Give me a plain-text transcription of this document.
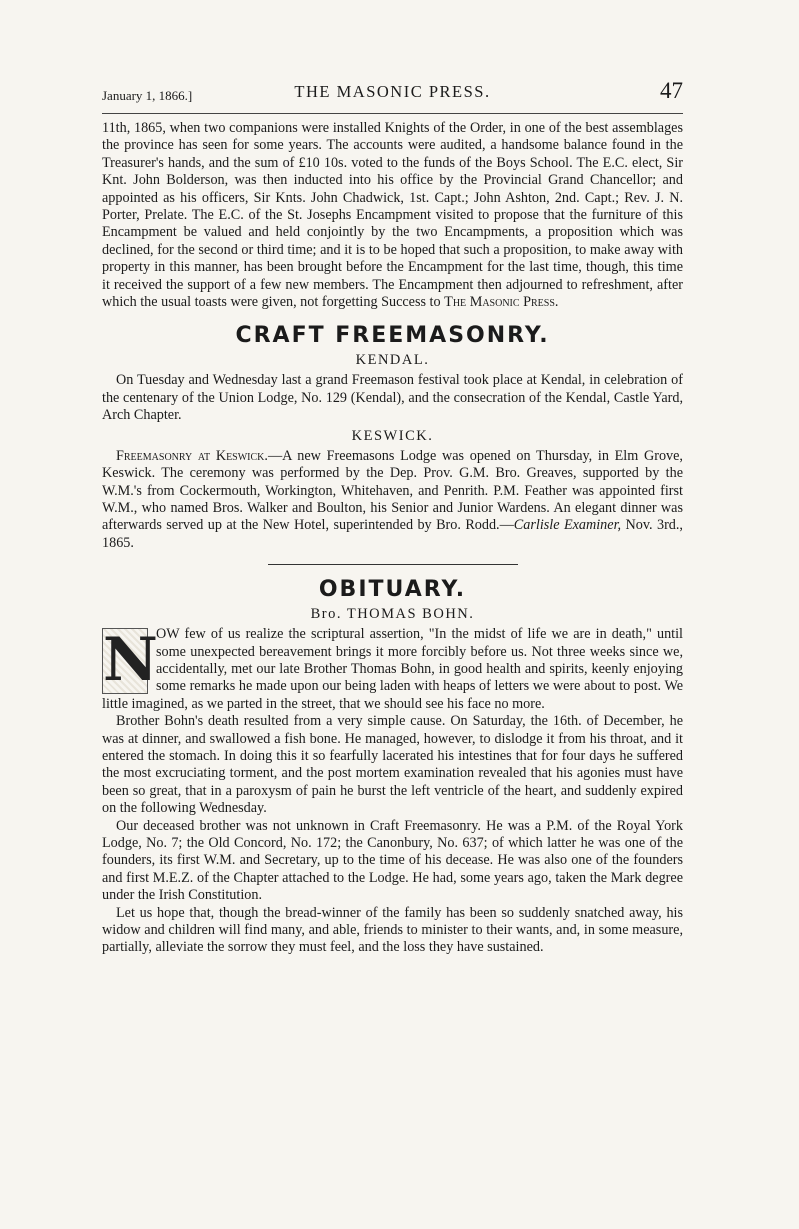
January 1, 1866.]	THE MASONIC PRESS.	47

11th, 1865, when two companions were installed Knights of the Order, in one of the best assemblages the province has seen for some years. The accounts were audited, a handsome balance found in the Treasurer's hands, and the sum of £10 10s. voted to the funds of the Boys School. The E.C. elect, Sir Knt. John Bolderson, was then inducted into his office by the Provincial Grand Chancellor; and appointed as his officers, Sir Knts. John Chadwick, 1st. Capt.; John Ashton, 2nd. Capt.; Rev. J. N. Porter, Prelate. The E.C. of the St. Josephs Encampment visited to propose that the furniture of this Encampment be valued and held conjointly by the two Encampments, a proposition which was declined, for the second or third time; and it is to be hoped that such a proposition, to make away with property in this manner, has been brought before the Encampment for the last time, though, this time it received the support of a few new members. The Encampment then adjourned to refreshment, after which the usual toasts were given, not forgetting Success to The Masonic Press.

CRAFT FREEMASONRY.
KENDAL.

On Tuesday and Wednesday last a grand Freemason festival took place at Kendal, in celebration of the centenary of the Union Lodge, No. 129 (Kendal), and the consecration of the Kendal, Castle Yard, Arch Chapter.

KESWICK.

Freemasonry at Keswick.—A new Freemasons Lodge was opened on Thursday, in Elm Grove, Keswick. The ceremony was performed by the Dep. Prov. G.M. Bro. Greaves, supported by the W.M.'s from Cockermouth, Workington, Whitehaven, and Penrith. P.M. Feather was appointed first W.M., who named Bros. Walker and Boulton, his Senior and Junior Wardens. An elegant dinner was afterwards served up at the New Hotel, superintended by Bro. Rodd.—Carlisle Examiner, Nov. 3rd., 1865.

OBITUARY.
Bro. THOMAS BOHN.
N

OW few of us realize the scriptural assertion, "In the midst of life we are in death," until some unexpected bereavement brings it more forcibly before us. Not three weeks since we, accidentally, met our late Brother Thomas Bohn, in good health and spirits, keenly enjoying some remarks he made upon our being laden with heaps of letters we were about to post. We little imagined, as we parted in the street, that we should see his face no more.

Brother Bohn's death resulted from a very simple cause. On Saturday, the 16th. of December, he was at dinner, and swallowed a fish bone. He managed, however, to dislodge it from his throat, and it entered the stomach. In doing this it so fearfully lacerated his intestines that for four days he suffered the most excruciating torment, and the post mortem examination revealed that his agonies must have been so great, that in a paroxysm of pain he burst the left ventricle of the heart, and suddenly expired on the following Wednesday.

Our deceased brother was not unknown in Craft Freemasonry. He was a P.M. of the Royal York Lodge, No. 7; the Old Concord, No. 172; the Canonbury, No. 637; of which latter he was one of the founders, its first W.M. and Secretary, up to the time of his decease. He was also one of the founders and first M.E.Z. of the Chapter attached to the Lodge. He had, some years ago, taken the Mark degree under the Irish Constitution.

Let us hope that, though the bread-winner of the family has been so suddenly snatched away, his widow and children will find many, and able, friends to minister to their wants, and, in some measure, partially, alleviate the sorrow they must feel, and the loss they have sustained.
